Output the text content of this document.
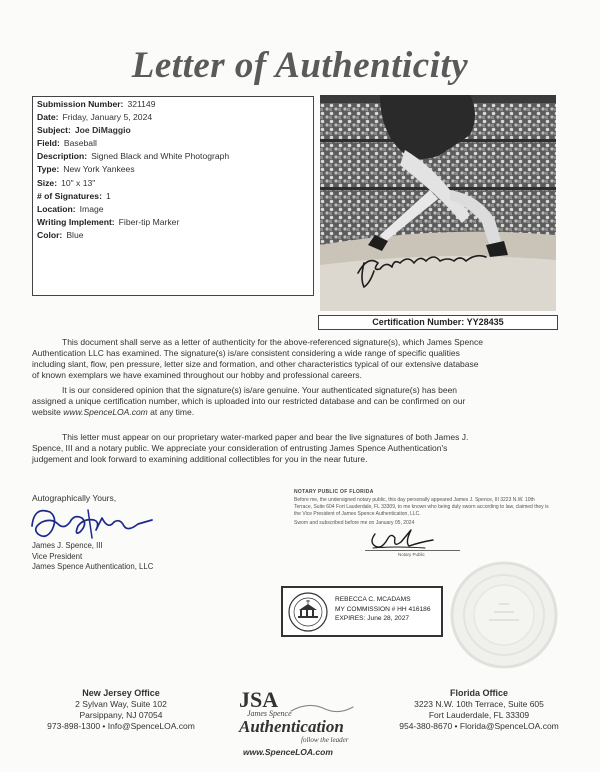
Letter of Authenticity
Submission Number: 321149
Date: Friday, January 5, 2024
Subject: Joe DiMaggio
Field: Baseball
Description: Signed Black and White Photograph
Type: New York Yankees
Size: 10" x 13"
# of Signatures: 1
Location: Image
Writing Implement: Fiber-tip Marker
Color: Blue
Certification Number: YY28435
This document shall serve as a letter of authenticity for the above-referenced signature(s), which James Spence
Authentication LLC has examined. The signature(s) is/are consistent considering a wide range of specific qualities
including slant, flow, pen pressure, letter size and formation, and other characteristics typical of our extensive database
of known exemplars we have examined throughout our hobby and professional careers.
It is our considered opinion that the signature(s) is/are genuine. Your authenticated signature(s) has been
assigned a unique certification number, which is uploaded into our restricted database and can be confirmed on our
website www.SpenceLOA.com at any time.
This letter must appear on our proprietary water-marked paper and bear the live signatures of both James J.
Spence, III and a notary public. We appreciate your consideration of entrusting James Spence Authentication's
judgement and look forward to examining additional collectibles for you in the near future.
Autographically Yours,
James J. Spence, III
Vice President
James Spence Authentication, LLC
NOTARY PUBLIC OF FLORIDA
Before me, the undersigned notary public, this day personally appeared James J. Spence, III 3223 N.W. 10th
Terrace, Suite 604 Fort Lauderdale, FL 33309, to me known who being duly sworn according to law, claimed they is
the Vice President of James Spence Authentication, LLC.
Sworn and subscribed before me on January 05, 2024
Notary Public
REBECCA C. MCADAMS
MY COMMISSION # HH 416186
EXPIRES: June 28, 2027
New Jersey Office
2 Sylvan Way, Suite 102
Parsippany, NJ 07054
973-898-1300 • Info@SpenceLOA.com
JSA
James Spence
Authentication
follow the leader
www.SpenceLOA.com
Florida Office
3223 N.W. 10th Terrace, Suite 605
Fort Lauderdale, FL 33309
954-380-8670 • Florida@SpenceLOA.com
